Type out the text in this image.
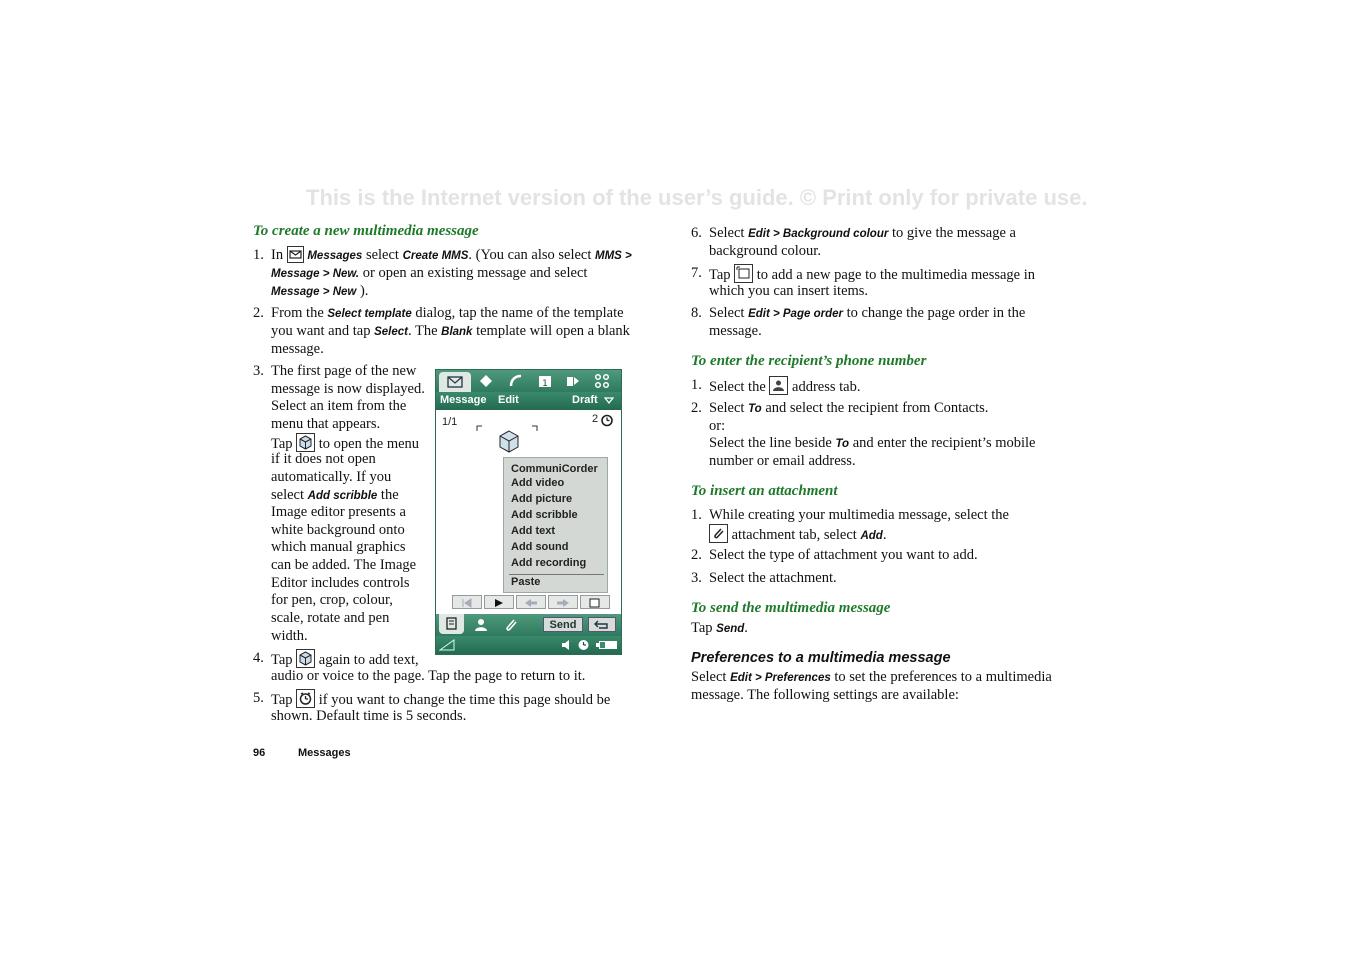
This is the Internet version of the user’s guide. © Print only for private use.
To create a new multimedia message
1. In Messages select Create MMS. (You can also select MMS >
Message > New. or open an existing message and select
Message > New ).
2. From the Select template dialog, tap the name of the template
you want and tap Select. The Blank template will open a blank
message.
3. The first page of the new
message is now displayed.
Select an item from the
menu that appears.
Tap to open the menu
if it does not open
automatically. If you
select Add scribble the
Image editor presents a
white background onto
which manual graphics
can be added. The Image
Editor includes controls
for pen, crop, colour,
scale, rotate and pen
width.
4. Tap again to add text,
audio or voice to the page. Tap the page to return to it.
5. Tap if you want to change the time this page should be
shown. Default time is 5 seconds.
1
Message Edit	Draft
1/1	2
CommuniCorder
Add video
Add picture
Add scribble
Add text
Add sound
Add recording
Paste
Send
6. Select Edit > Background colour to give the message a
background colour.
7. Tap to add a new page to the multimedia message in
which you can insert items.
8. Select Edit > Page order to change the page order in the
message.
To enter the recipient’s phone number
1. Select the address tab.
2. Select To and select the recipient from Contacts.
or:
Select the line beside To and enter the recipient’s mobile
number or email address.
To insert an attachment
1. While creating your multimedia message, select the
attachment tab, select Add.
2. Select the type of attachment you want to add.
3. Select the attachment.
To send the multimedia message
Tap Send.
Preferences to a multimedia message
Select Edit > Preferences to set the preferences to a multimedia
message. The following settings are available:
96	Messages
